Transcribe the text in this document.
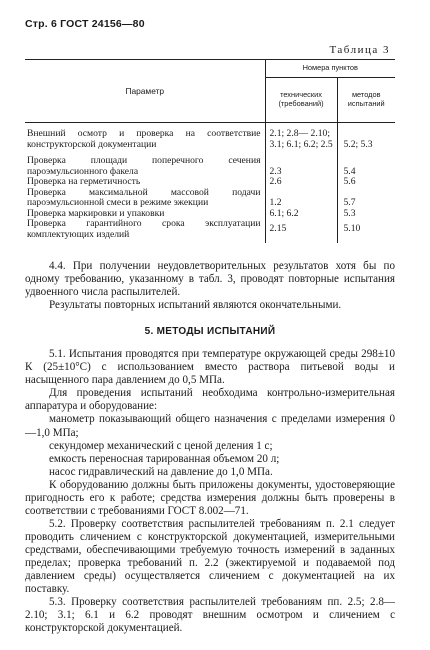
Стр. 6 ГОСТ 24156—80
Таблица 3
Параметр	Номера пунктов	
	технических (требований)	методов испытаний
Внешний осмотр и проверка на соответствие конструкторской документации	2.1; 2.8— 2.10; 3.1; 6.1; 6.2; 2.5	5.2; 5.3
Проверка площади поперечного сечения пароэмульсионного факела	2.3	5.4
Проверка на герметичность	2.6	5.6
Проверка максимальной массовой подачи пароэмульсионной смеси в режиме эжекции	1.2	5.7
Проверка маркировки и упаковки	6.1; 6.2	5.3
Проверка гарантийного срока эксплуатации комплектующих изделий	2.15	5.10

4.4. При получении неудовлетворительных результатов хотя бы по одному требованию, указанному в табл. 3, проводят повторные испытания удвоенного числа распылителей.

Результаты повторных испытаний являются окончательными.

5. МЕТОДЫ ИСПЫТАНИЙ

5.1. Испытания проводятся при температуре окружающей среды 298±10 К (25±10°С) с использованием вместо раствора питьевой воды и насыщенного пара давлением до 0,5 МПа.

Для проведения испытаний необходима контрольно-измерительная аппаратура и оборудование:

манометр показывающий общего назначения с пределами измерения 0—1,0 МПа;

секундомер механический с ценой деления 1 с;

емкость переносная тарированная объемом 20 л;

насос гидравлический на давление до 1,0 МПа.

К оборудованию должны быть приложены документы, удостоверяющие пригодность его к работе; средства измерения должны быть проверены в соответствии с требованиями ГОСТ 8.002—71.

5.2. Проверку соответствия распылителей требованиям п. 2.1 следует проводить сличением с конструкторской документацией, измерительными средствами, обеспечивающими требуемую точность измерений в заданных пределах; проверка требований п. 2.2 (эжектируемой и подаваемой под давлением среды) осуществляется сличением с документацией на их поставку.

5.3. Проверку соответствия распылителей требованиям пп. 2.5; 2.8—2.10; 3.1; 6.1 и 6.2 проводят внешним осмотром и сличением с конструкторской документацией.
